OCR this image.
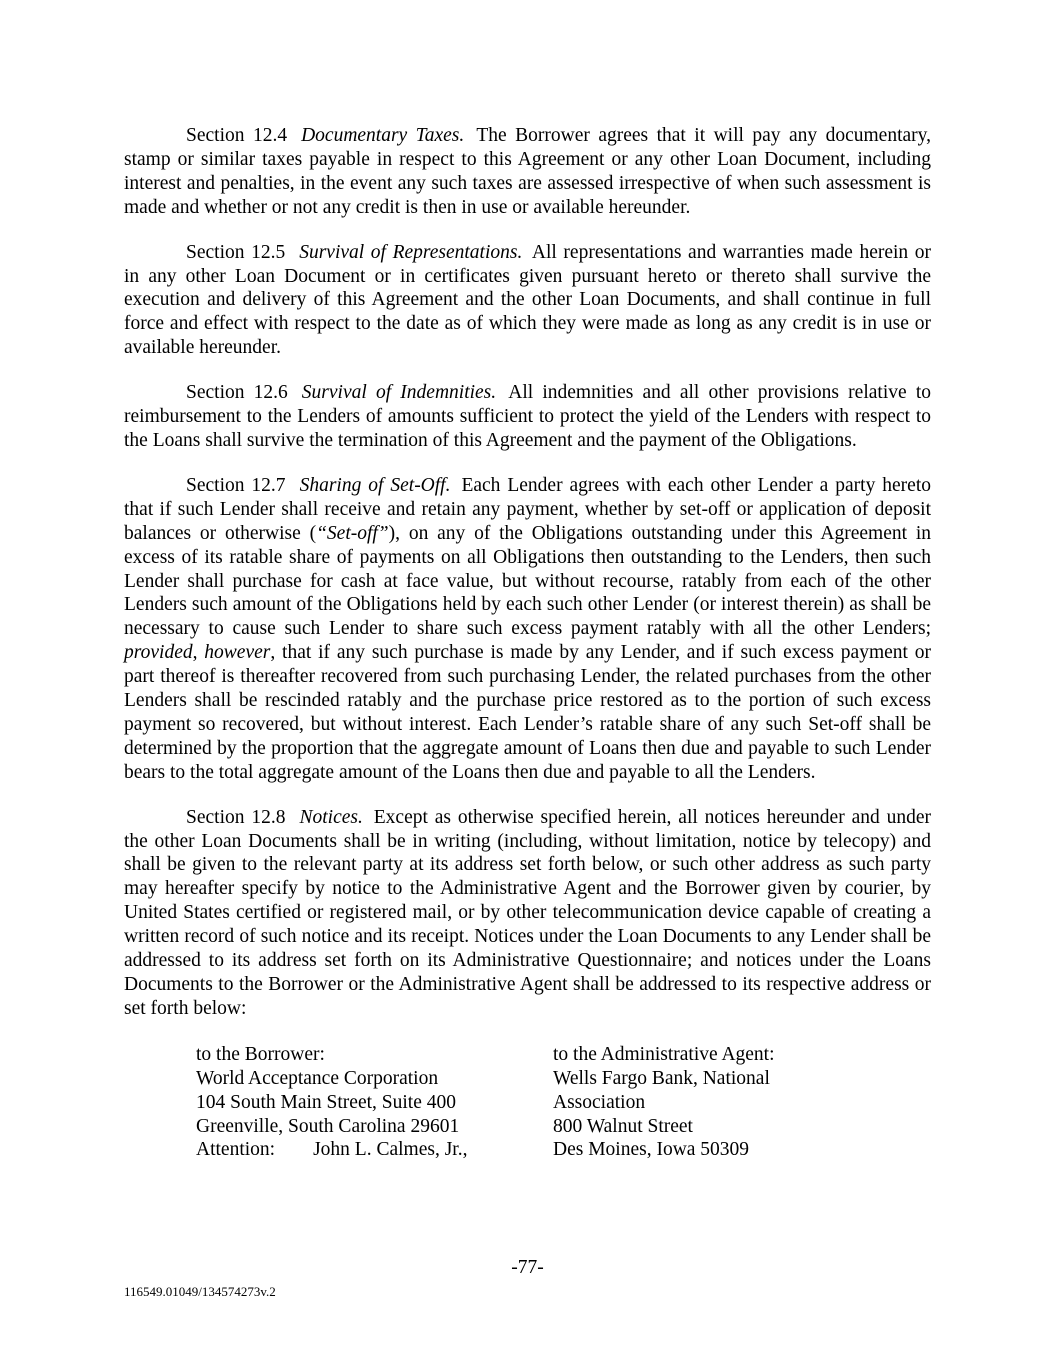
Section 12.4 Documentary Taxes. The Borrower agrees that it will pay any documentary, stamp or similar taxes payable in respect to this Agreement or any other Loan Document, including interest and penalties, in the event any such taxes are assessed irrespective of when such assessment is made and whether or not any credit is then in use or available hereunder.

Section 12.5 Survival of Representations. All representations and warranties made herein or in any other Loan Document or in certificates given pursuant hereto or thereto shall survive the execution and delivery of this Agreement and the other Loan Documents, and shall continue in full force and effect with respect to the date as of which they were made as long as any credit is in use or available hereunder.

Section 12.6 Survival of Indemnities. All indemnities and all other provisions relative to reimbursement to the Lenders of amounts sufficient to protect the yield of the Lenders with respect to the Loans shall survive the termination of this Agreement and the payment of the Obligations.

Section 12.7 Sharing of Set-Off. Each Lender agrees with each other Lender a party hereto that if such Lender shall receive and retain any payment, whether by set-off or application of deposit balances or otherwise (“Set-off”), on any of the Obligations outstanding under this Agreement in excess of its ratable share of payments on all Obligations then outstanding to the Lenders, then such Lender shall purchase for cash at face value, but without recourse, ratably from each of the other Lenders such amount of the Obligations held by each such other Lender (or interest therein) as shall be necessary to cause such Lender to share such excess payment ratably with all the other Lenders; provided, however, that if any such purchase is made by any Lender, and if such excess payment or part thereof is thereafter recovered from such purchasing Lender, the related purchases from the other Lenders shall be rescinded ratably and the purchase price restored as to the portion of such excess payment so recovered, but without interest. Each Lender’s ratable share of any such Set-off shall be determined by the proportion that the aggregate amount of Loans then due and payable to such Lender bears to the total aggregate amount of the Loans then due and payable to all the Lenders.

Section 12.8 Notices. Except as otherwise specified herein, all notices hereunder and under the other Loan Documents shall be in writing (including, without limitation, notice by telecopy) and shall be given to the relevant party at its address set forth below, or such other address as such party may hereafter specify by notice to the Administrative Agent and the Borrower given by courier, by United States certified or registered mail, or by other telecommunication device capable of creating a written record of such notice and its receipt. Notices under the Loan Documents to any Lender shall be addressed to its address set forth on its Administrative Questionnaire; and notices under the Loans Documents to the Borrower or the Administrative Agent shall be addressed to its respective address or set forth below:

to the Borrower:
World Acceptance Corporation
104 South Main Street, Suite 400
Greenville, South Carolina 29601
Attention: John L. Calmes, Jr.,
to the Administrative Agent:
Wells Fargo Bank, National
Association
800 Walnut Street
Des Moines, Iowa 50309
-77-
116549.01049/134574273v.2
